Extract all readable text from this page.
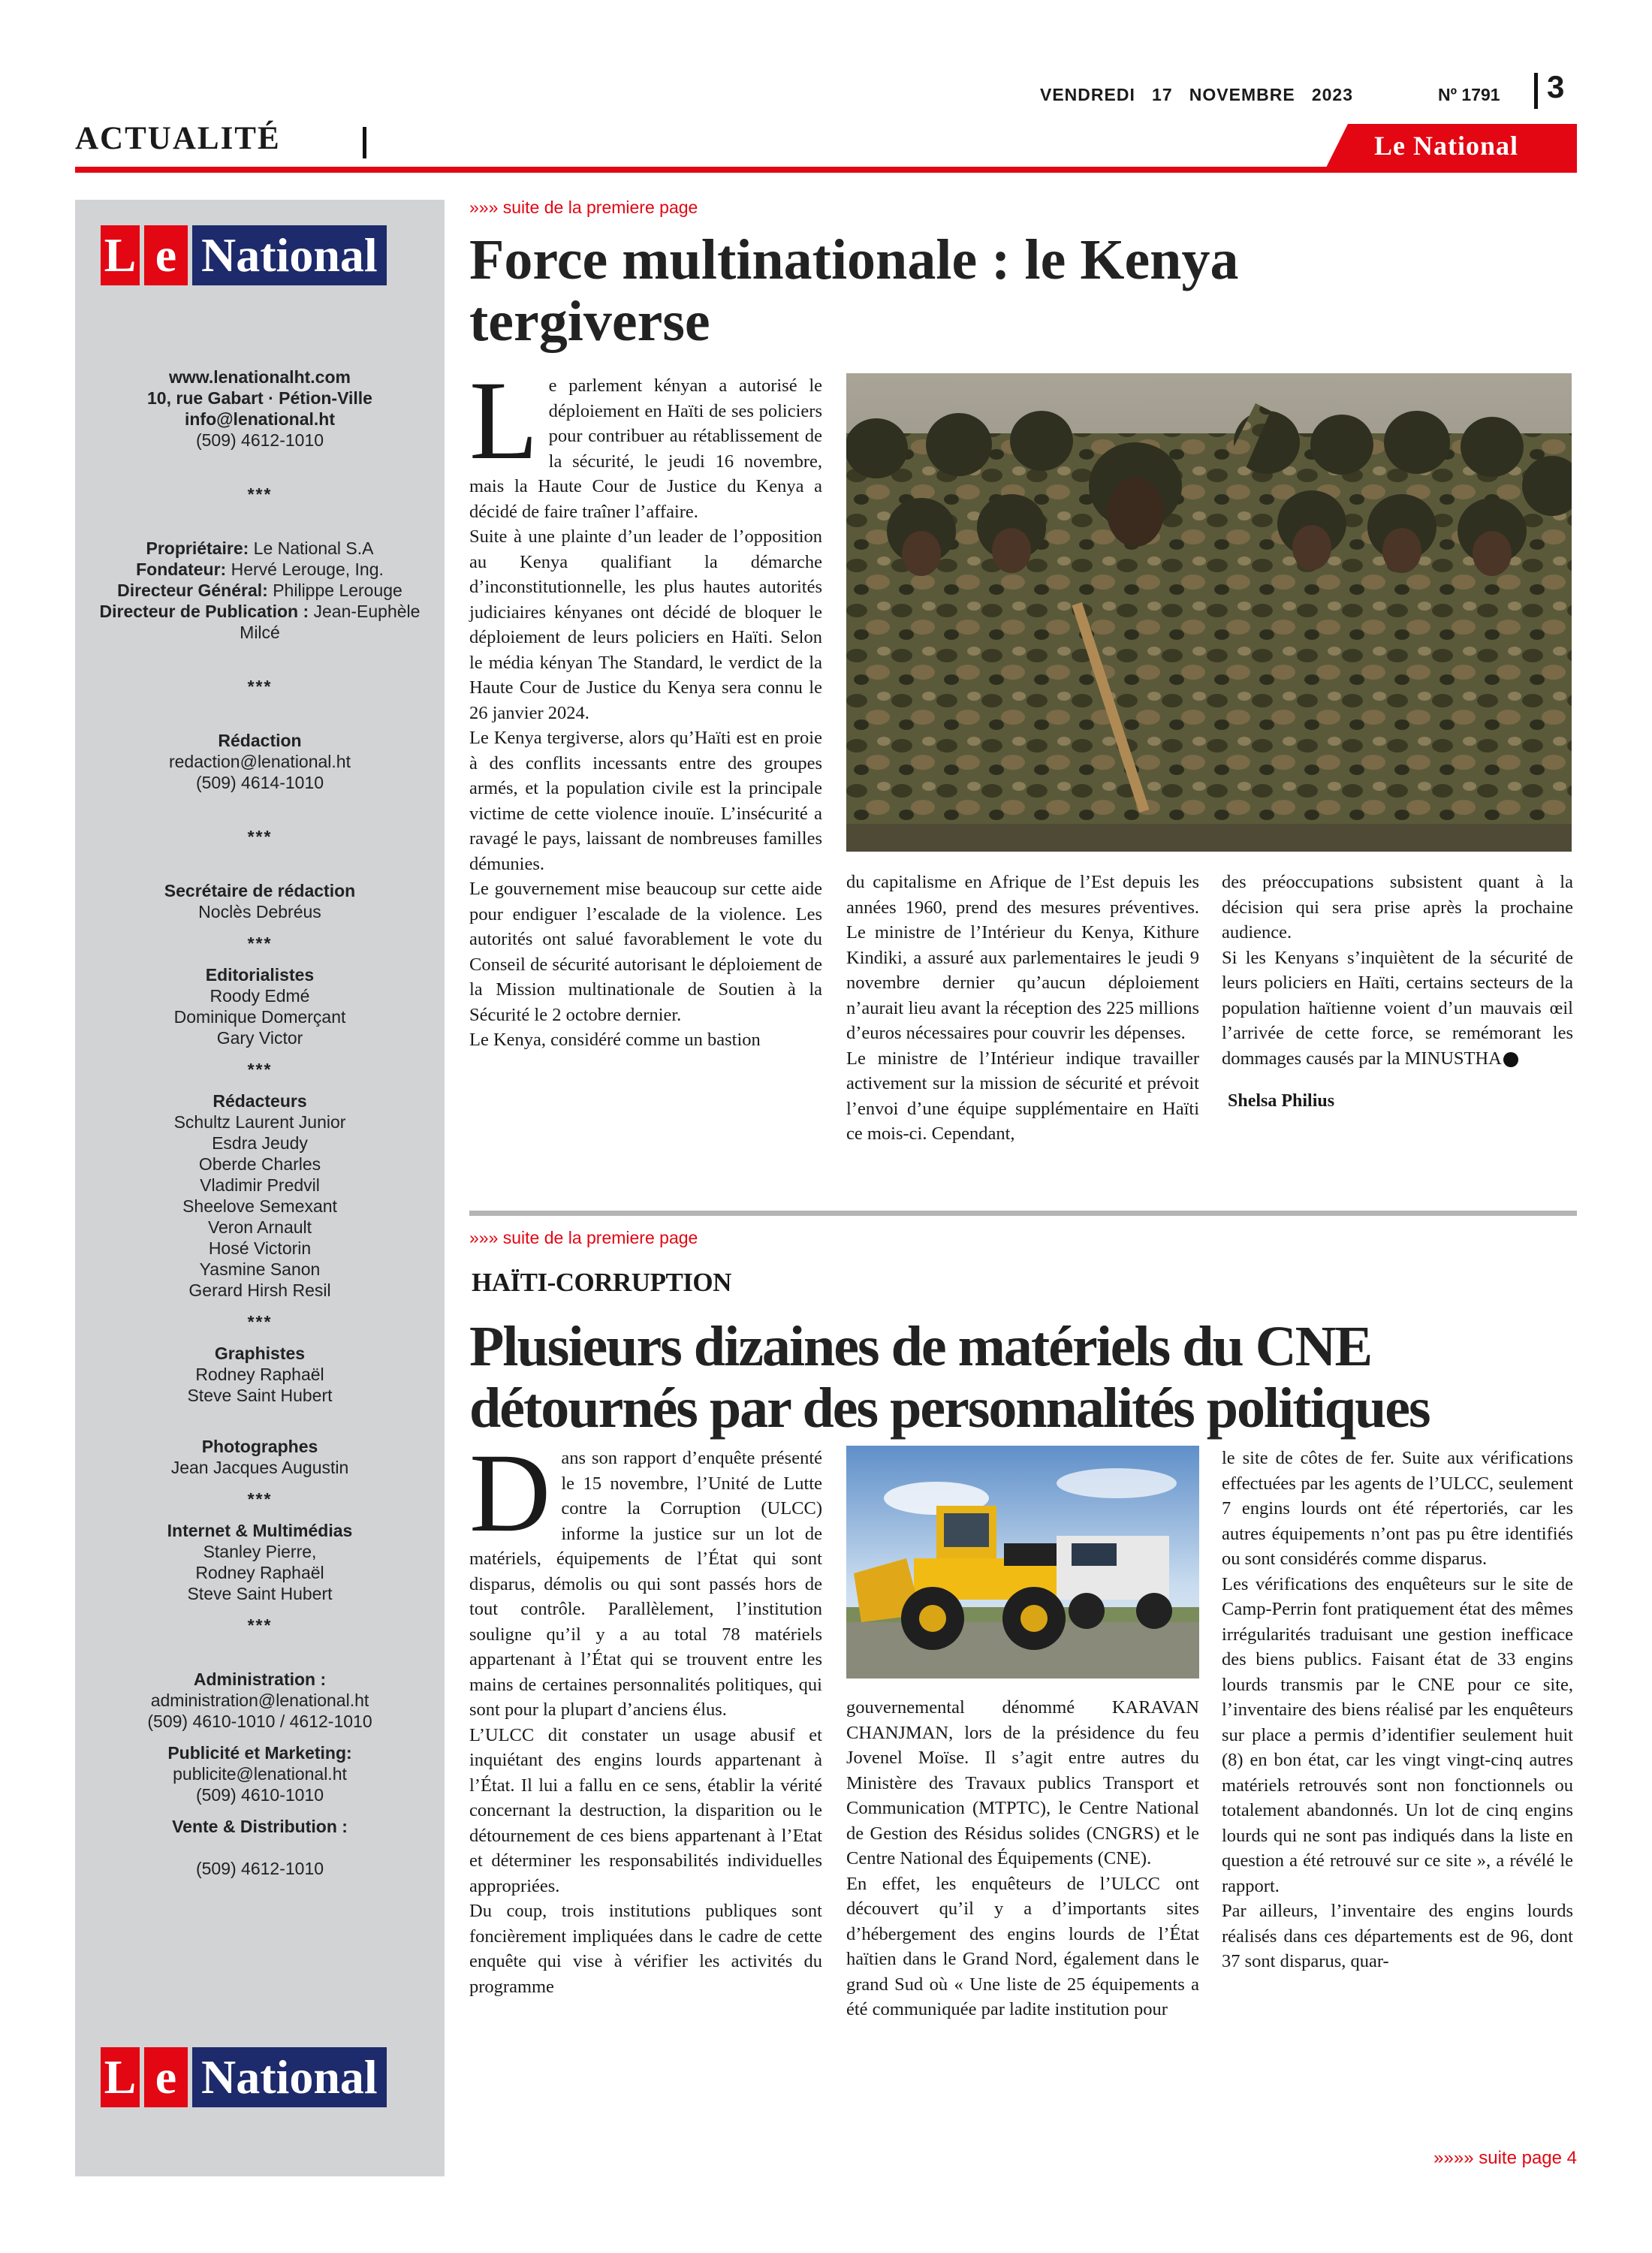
VENDREDI   17   NOVEMBRE   2023	Nº 1791 3
ACTUALITÉ	Le National
L e National
www.lenationalht.com
10, rue Gabart · Pétion-Ville
info@lenational.ht
(509) 4612-1010
***
Propriétaire: Le National S.A
Fondateur: Hervé Lerouge, Ing.
Directeur Général: Philippe Lerouge
Directeur de Publication : Jean-Euphèle Milcé
***
Rédaction
redaction@lenational.ht
(509) 4614-1010
***
Secrétaire de rédaction
Noclès Debréus
***
Editorialistes
Roody Edmé
Dominique Domerçant
Gary Victor
***
Rédacteurs
Schultz Laurent Junior
Esdra Jeudy
Oberde Charles
Vladimir Predvil
Sheelove Semexant
Veron Arnault
Hosé Victorin
Yasmine Sanon
Gerard Hirsh Resil
***
Graphistes
Rodney Raphaël
Steve Saint Hubert
Photographes
Jean Jacques Augustin
***
Internet & Multimédias
Stanley Pierre,
Rodney Raphaël
Steve Saint Hubert
***
Administration :
administration@lenational.ht
(509) 4610-1010 / 4612-1010
Publicité et Marketing:
publicite@lenational.ht
(509) 4610-1010
Vente & Distribution :
(509) 4612-1010
L e National
»»» suite de la premiere page
Force multinationale : le Kenya tergiverse

Le parlement kényan a autorisé le déploiement en Haïti de ses policiers pour contribuer au rétablissement de la sécurité, le jeudi 16 novembre, mais la Haute Cour de Justice du Kenya a décidé de faire traîner l’affaire.

Suite à une plainte d’un leader de l’opposition au Kenya qualifiant la démarche d’inconstitutionnelle, les plus hautes autorités judiciaires kényanes ont décidé de bloquer le déploiement de leurs policiers en Haïti. Selon le média kényan The Standard, le verdict de la Haute Cour de Justice du Kenya sera connu le 26 janvier 2024.

Le Kenya tergiverse, alors qu’Haïti est en proie à des conflits incessants entre des groupes armés, et la population civile est la principale victime de cette violence inouïe. L’insécurité a ravagé le pays, laissant de nombreuses familles démunies.

Le gouvernement mise beaucoup sur cette aide pour endiguer l’escalade de la violence. Les autorités ont salué favorablement le vote du Conseil de sécurité autorisant le déploiement de la Mission multinationale de Soutien à la Sécurité le 2 octobre dernier.

Le Kenya, considéré comme un bastion

du capitalisme en Afrique de l’Est depuis les années 1960, prend des mesures préventives. Le ministre de l’Intérieur du Kenya, Kithure Kindiki, a assuré aux parlementaires le jeudi 9 novembre dernier qu’aucun déploiement n’aurait lieu avant la réception des 225 millions d’euros nécessaires pour couvrir les dépenses.

Le ministre de l’Intérieur indique travailler activement sur la mission de sécurité et prévoit l’envoi d’une équipe supplémentaire en Haïti ce mois-ci. Cependant,

des préoccupations subsistent quant à la décision qui sera prise après la prochaine audience.

Si les Kenyans s’inquiètent de la sécurité de leurs policiers en Haïti, certains secteurs de la population haïtienne voient d’un mauvais œil l’arrivée de cette force, se remémorant les dommages causés par la MINUSTHA

Shelsa Philius

»»» suite de la premiere page
HAÏTI-CORRUPTION
Plusieurs dizaines de matériels du CNE détournés par des personnalités politiques

Dans son rapport d’enquête présenté le 15 novembre, l’Unité de Lutte contre la Corruption (ULCC) informe la justice sur un lot de matériels, équipements de l’État qui sont disparus, démolis ou qui sont passés hors de tout contrôle. Parallèlement, l’institution souligne qu’il y a au total 78 matériels appartenant à l’État qui se trouvent entre les mains de certaines personnalités politiques, qui sont pour la plupart d’anciens élus.

L’ULCC dit constater un usage abusif et inquiétant des engins lourds appartenant à l’État. Il lui a fallu en ce sens, établir la vérité concernant la destruction, la disparition ou le détournement de ces biens appartenant à l’Etat et déterminer les responsabilités individuelles appropriées.

Du coup, trois institutions publiques sont foncièrement impliquées dans le cadre de cette enquête qui vise à vérifier les activités du programme

gouvernemental dénommé KARAVAN CHANJMAN, lors de la présidence du feu Jovenel Moïse. Il s’agit entre autres du Ministère des Travaux publics Transport et Communication (MTPTC), le Centre National de Gestion des Résidus solides (CNGRS) et le Centre National des Équipements (CNE).

En effet, les enquêteurs de l’ULCC ont découvert qu’il y a d’importants sites d’hébergement des engins lourds de l’État haïtien dans le Grand Nord, également dans le grand Sud où « Une liste de 25 équipements a été communiquée par ladite institution pour

le site de côtes de fer. Suite aux vérifications effectuées par les agents de l’ULCC, seulement 7 engins lourds ont été répertoriés, car les autres équipements n’ont pas pu être identifiés ou sont considérés comme disparus.

Les vérifications des enquêteurs sur le site de Camp-Perrin font pratiquement état des mêmes irrégularités traduisant une gestion inefficace des biens publics. Faisant état de 33 engins lourds transmis par le CNE pour ce site, l’inventaire des biens réalisé par les enquêteurs sur place a permis d’identifier seulement huit (8) en bon état, car les vingt vingt-cinq autres matériels retrouvés sont non fonctionnels ou totalement abandonnés. Un lot de cinq engins lourds qui ne sont pas indiqués dans la liste en question a été retrouvé sur ce site », a révélé le rapport.

Par ailleurs, l’inventaire des engins lourds réalisés dans ces départements est de 96, dont 37 sont disparus, quar-

»»»» suite page 4
